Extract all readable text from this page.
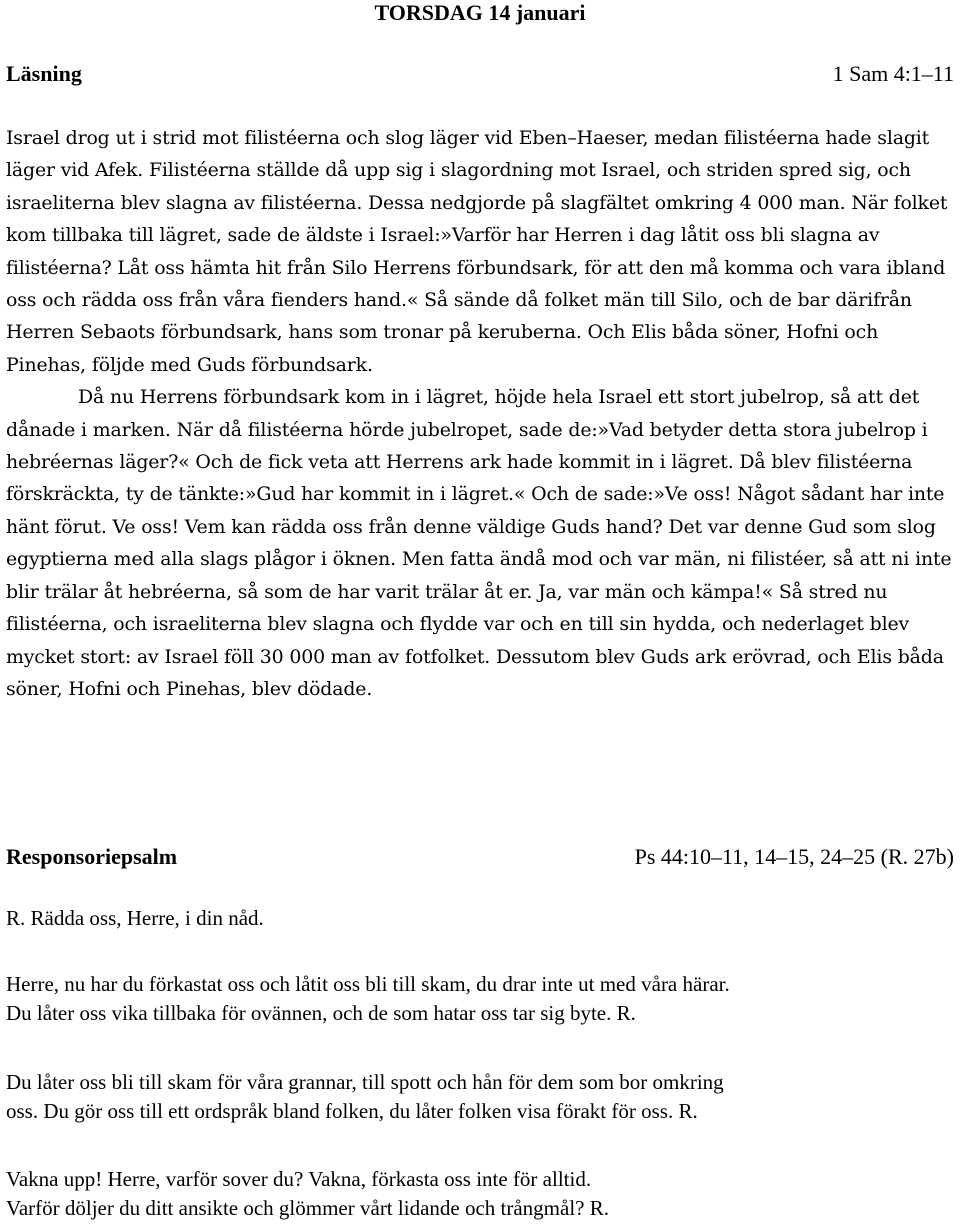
TORSDAG 14 januari
Läsning	1 Sam 4:1–11

Israel drog ut i strid mot filistéerna och slog läger vid Eben–Haeser, medan filistéerna hade slagit läger vid Afek. Filistéerna ställde då upp sig i slagordning mot Israel, och striden spred sig, och israeliterna blev slagna av filistéerna. Dessa nedgjorde på slagfältet omkring 4 000 man. När folket kom tillbaka till lägret, sade de äldste i Israel:»Varför har Herren i dag låtit oss bli slagna av filistéerna? Låt oss hämta hit från Silo Herrens förbundsark, för att den må komma och vara ibland oss och rädda oss från våra fienders hand.« Så sände då folket män till Silo, och de bar därifrån Herren Sebaots förbundsark, hans som tronar på keruberna. Och Elis båda söner, Hofni och Pinehas, följde med Guds förbundsark.

Då nu Herrens förbundsark kom in i lägret, höjde hela Israel ett stort jubelrop, så att det dånade i marken. När då filistéerna hörde jubelropet, sade de:»Vad betyder detta stora jubelrop i hebréernas läger?« Och de fick veta att Herrens ark hade kommit in i lägret. Då blev filistéerna förskräckta, ty de tänkte:»Gud har kommit in i lägret.« Och de sade:»Ve oss! Något sådant har inte hänt förut. Ve oss! Vem kan rädda oss från denne väldige Guds hand? Det var denne Gud som slog egyptierna med alla slags plågor i öknen. Men fatta ändå mod och var män, ni filistéer, så att ni inte blir trälar åt hebréerna, så som de har varit trälar åt er. Ja, var män och kämpa!« Så stred nu filistéerna, och israeliterna blev slagna och flydde var och en till sin hydda, och nederlaget blev mycket stort: av Israel föll 30 000 man av fotfolket. Dessutom blev Guds ark erövrad, och Elis båda söner, Hofni och Pinehas, blev dödade.

Responsoriepsalm	Ps 44:10–11, 14–15, 24–25 (R. 27b)

R. Rädda oss, Herre, i din nåd.

Herre, nu har du förkastat oss och låtit oss bli till skam, du drar inte ut med våra härar.

Du låter oss vika tillbaka för ovännen, och de som hatar oss tar sig byte. R.

Du låter oss bli till skam för våra grannar, till spott och hån för dem som bor omkring

oss. Du gör oss till ett ordspråk bland folken, du låter folken visa förakt för oss. R.

Vakna upp! Herre, varför sover du? Vakna, förkasta oss inte för alltid.

Varför döljer du ditt ansikte och glömmer vårt lidande och trångmål? R.
